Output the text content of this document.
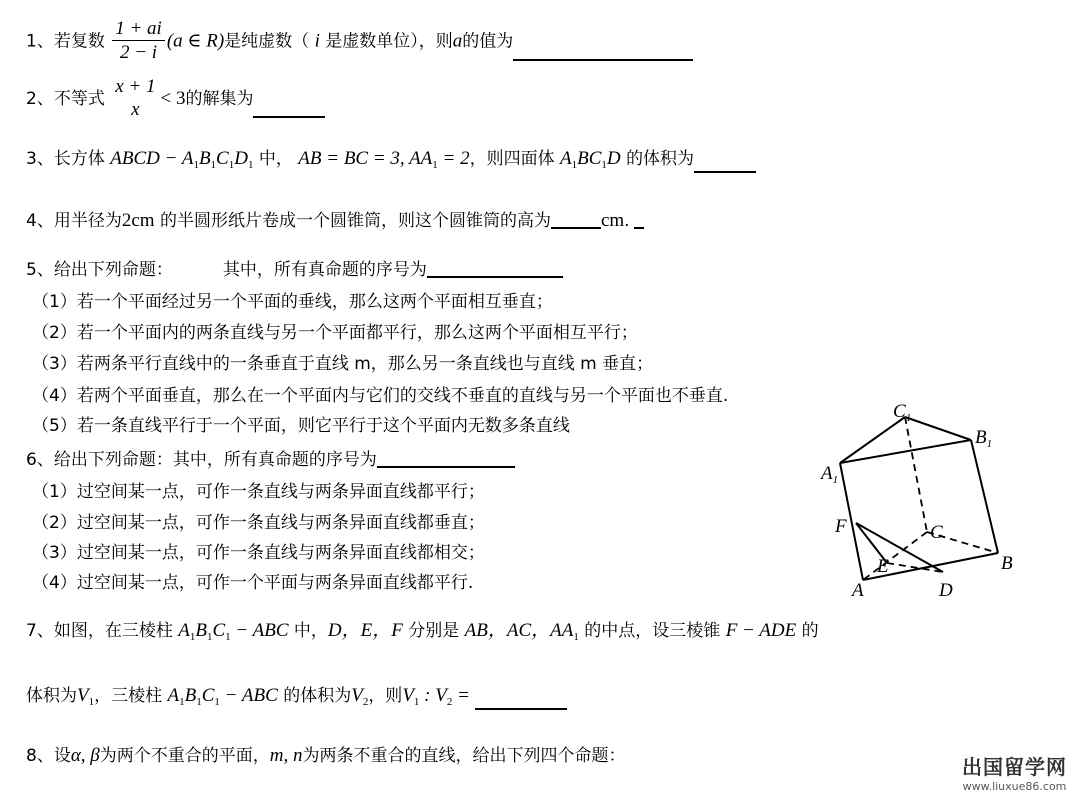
1、若复数 $\frac{1 + ai}{2 - i} (a$ ∈ R)是纯虚数（ i 是虚数单位），则a的值为
2、不等式
x + 1
x
< 3的解集为
3、长方体 ABCD − $A_1B_1C_1D_1$ 中， AB = BC = 3, $AA_1 = 2$，则四面体 $A_1BC_1D$ 的体积为
4、用半径为2cm 的半圆形纸片卷成一个圆锥筒，则这个圆锥筒的高为	cm.
5、给出下列命题：	其中，所有真命题的序号为
（1）若一个平面经过另一个平面的垂线，那么这两个平面相互垂直；
（2）若一个平面内的两条直线与另一个平面都平行，那么这两个平面相互平行；
（3）若两条平行直线中的一条垂直于直线 m，那么另一条直线也与直线 m 垂直；
（4）若两个平面垂直，那么在一个平面内与它们的交线不垂直的直线与另一个平面也不垂直.
（5）若一条直线平行于一个平面，则它平行于这个平面内无数多条直线
6、给出下列命题：其中，所有真命题的序号为
（1）过空间某一点，可作一条直线与两条异面直线都平行；
（2）过空间某一点，可作一条直线与两条异面直线都垂直；
（3）过空间某一点，可作一条直线与两条异面直线都相交；
（4）过空间某一点，可作一个平面与两条异面直线都平行.
$C_1$
$B_1$
$A_1$
F	C
E	B
A	D
7、如图，在三棱柱 $A_1B_1C_1$ − ABC 中，D，E，F 分别是 AB，AC，$AA_1$ 的中点，设三棱锥 F − ADE 的
体积为$V_1$，三棱柱 $A_1B_1C_1$ − ABC 的体积为$V_2$，则$V_1$ : $V_2$ =
8、设α, β为两个不重合的平面，m, n为两条不重合的直线，给出下列四个命题：	出国留学网
www.liuxue86.com
